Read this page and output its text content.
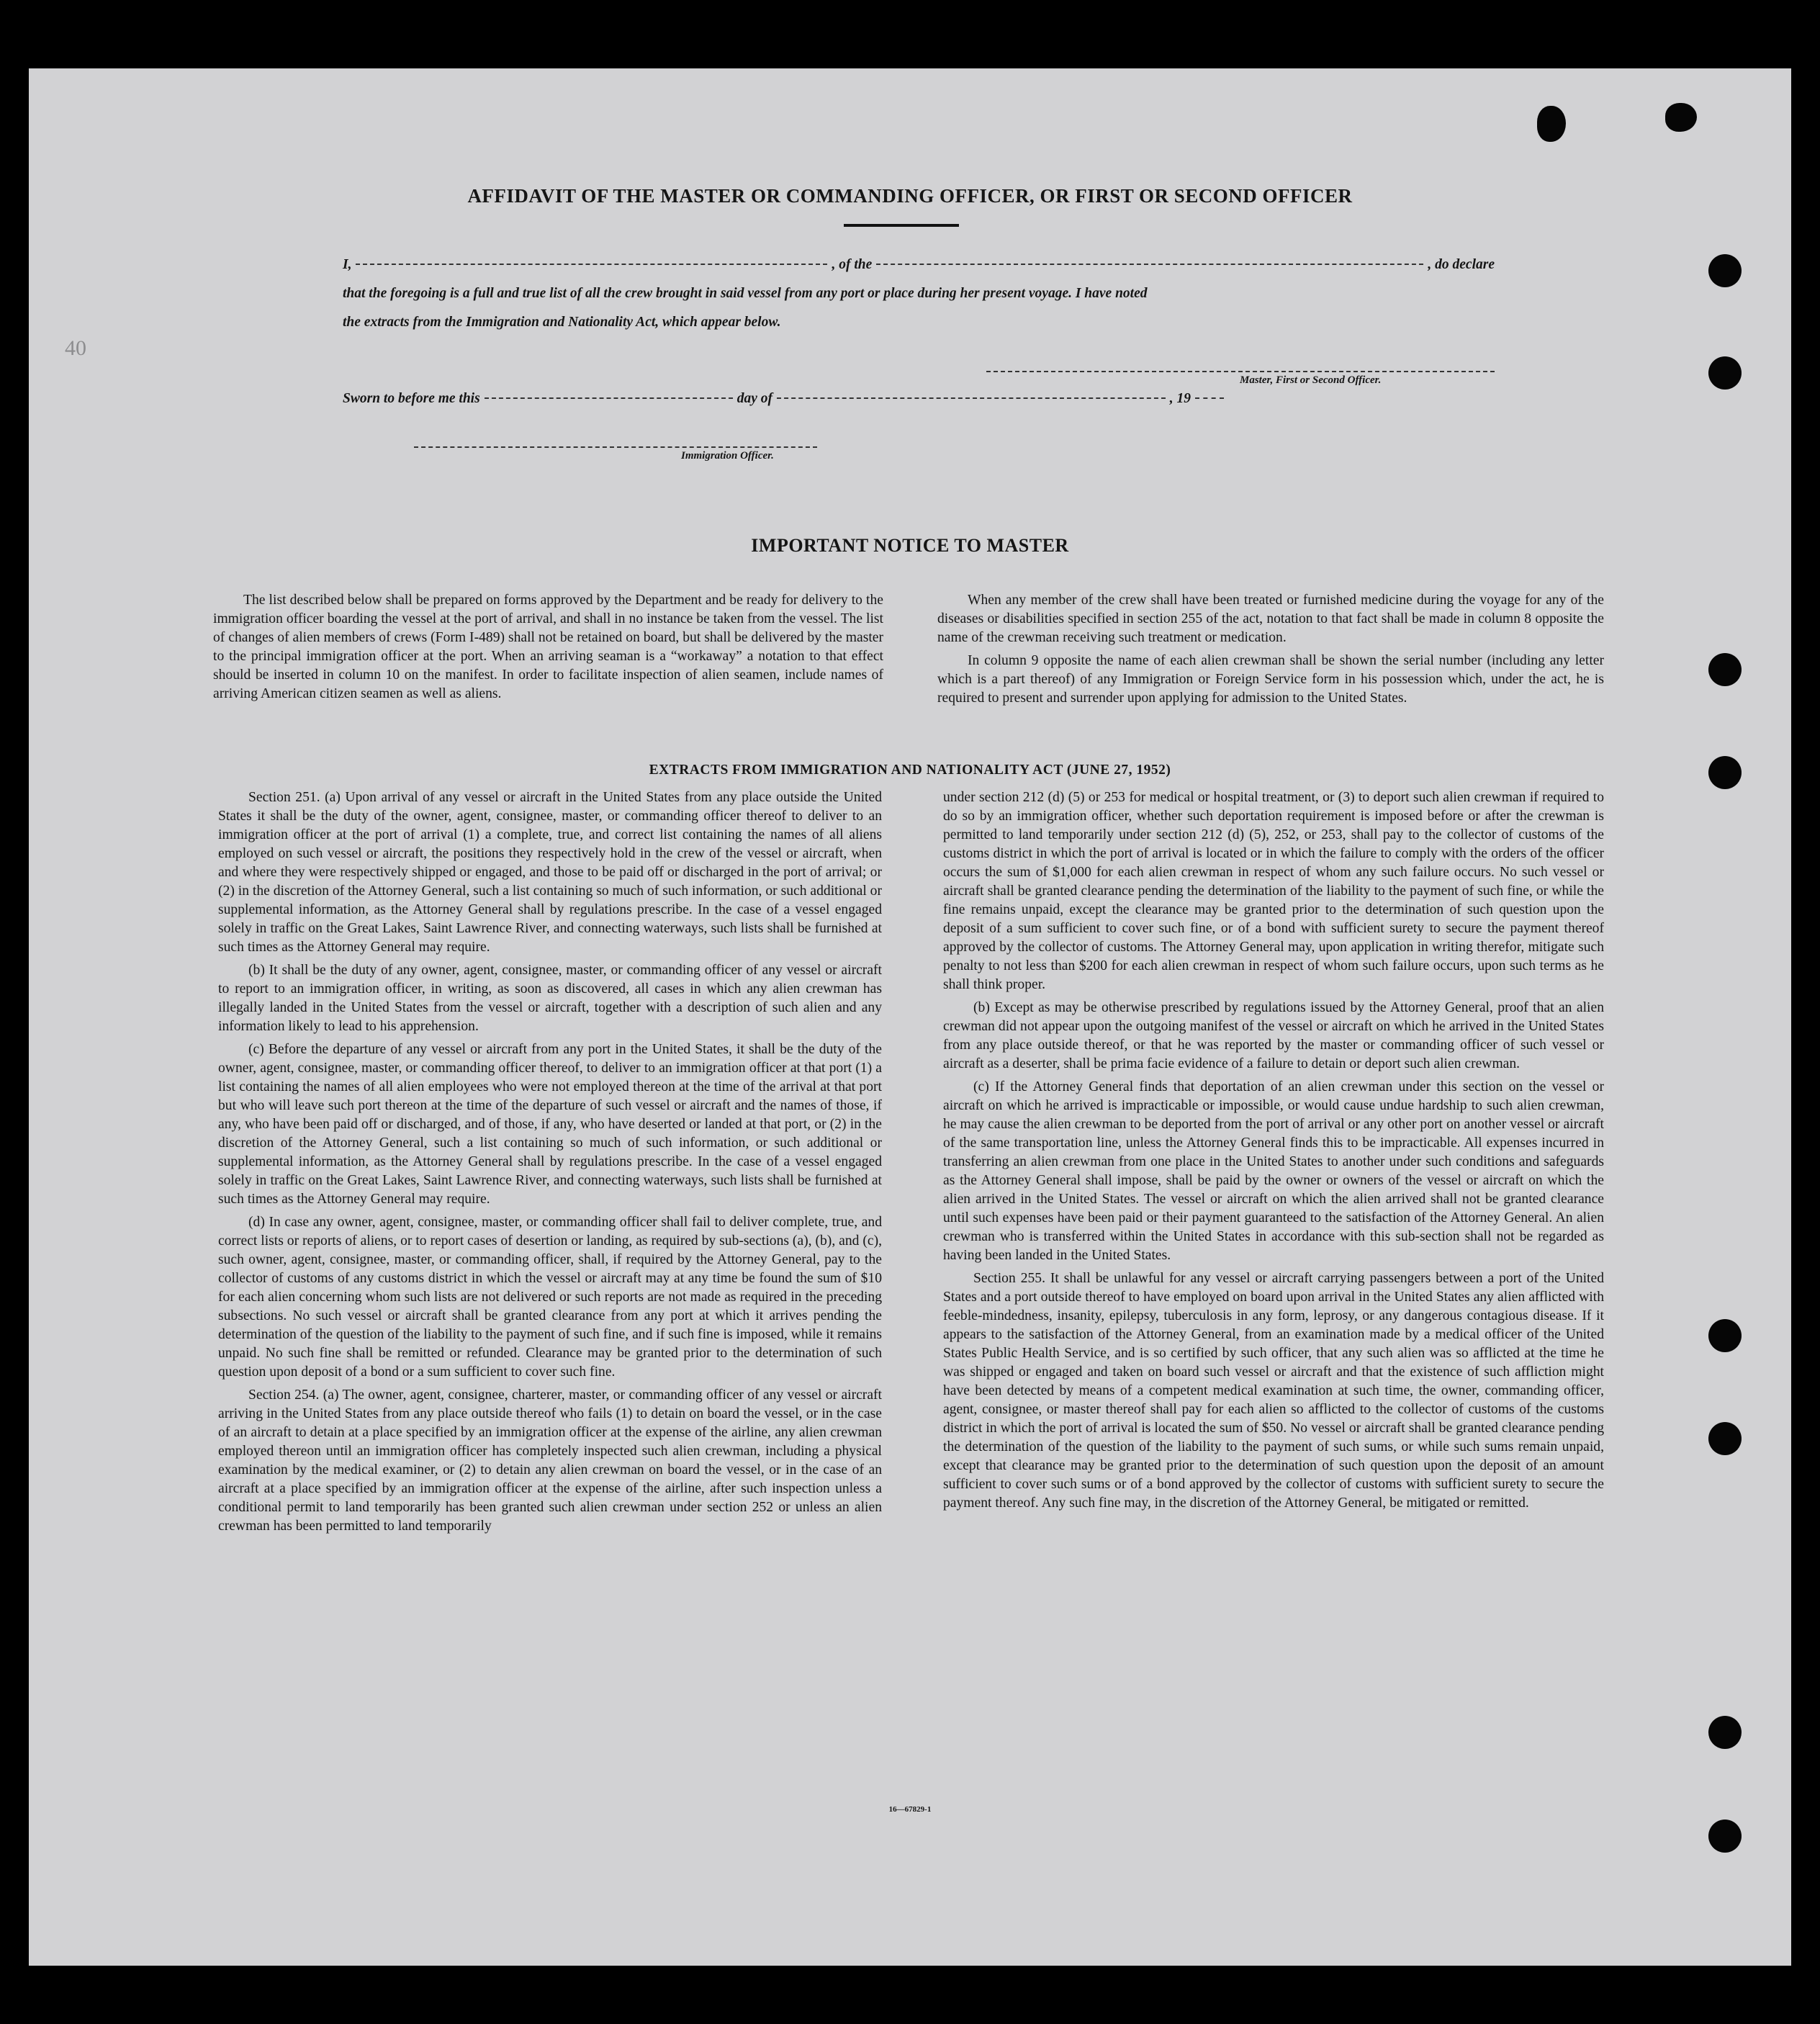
40
AFFIDAVIT OF THE MASTER OR COMMANDING OFFICER, OR FIRST OR SECOND OFFICER
I,	, of the	, do declare
that the foregoing is a full and true list of all the crew brought in said vessel from any port or place during her present voyage. I have noted
the extracts from the Immigration and Nationality Act, which appear below.
Master, First or Second Officer.
Sworn to before me this	day of	, 19
Immigration Officer.
IMPORTANT NOTICE TO MASTER

The list described below shall be prepared on forms approved by the Department and be ready for delivery to the immigration officer boarding the vessel at the port of arrival, and shall in no instance be taken from the vessel. The list of changes of alien members of crews (Form I-489) shall not be retained on board, but shall be delivered by the master to the principal immigration officer at the port. When an arriving seaman is a “workaway” a notation to that effect should be inserted in column 10 on the manifest. In order to facilitate inspection of alien seamen, include names of arriving American citizen seamen as well as aliens.

When any member of the crew shall have been treated or furnished medicine during the voyage for any of the diseases or disabilities specified in section 255 of the act, notation to that fact shall be made in column 8 opposite the name of the crewman receiving such treatment or medication.

In column 9 opposite the name of each alien crewman shall be shown the serial number (including any letter which is a part thereof) of any Immigration or Foreign Service form in his possession which, under the act, he is required to present and surrender upon applying for admission to the United States.

EXTRACTS FROM IMMIGRATION AND NATIONALITY ACT (JUNE 27, 1952)

Section 251. (a) Upon arrival of any vessel or aircraft in the United States from any place outside the United States it shall be the duty of the owner, agent, consignee, master, or commanding officer thereof to deliver to an immigration officer at the port of arrival (1) a complete, true, and correct list containing the names of all aliens employed on such vessel or aircraft, the positions they respectively hold in the crew of the vessel or aircraft, when and where they were respectively shipped or engaged, and those to be paid off or discharged in the port of arrival; or (2) in the discretion of the Attorney General, such a list containing so much of such information, or such additional or supplemental information, as the Attorney General shall by regulations prescribe. In the case of a vessel engaged solely in traffic on the Great Lakes, Saint Lawrence River, and connecting waterways, such lists shall be furnished at such times as the Attorney General may require.

(b) It shall be the duty of any owner, agent, consignee, master, or commanding officer of any vessel or aircraft to report to an immigration officer, in writing, as soon as discovered, all cases in which any alien crewman has illegally landed in the United States from the vessel or aircraft, together with a description of such alien and any information likely to lead to his apprehension.

(c) Before the departure of any vessel or aircraft from any port in the United States, it shall be the duty of the owner, agent, consignee, master, or commanding officer thereof, to deliver to an immigration officer at that port (1) a list containing the names of all alien employees who were not employed thereon at the time of the arrival at that port but who will leave such port thereon at the time of the departure of such vessel or aircraft and the names of those, if any, who have been paid off or discharged, and of those, if any, who have deserted or landed at that port, or (2) in the discretion of the Attorney General, such a list containing so much of such information, or such additional or supplemental information, as the Attorney General shall by regulations prescribe. In the case of a vessel engaged solely in traffic on the Great Lakes, Saint Lawrence River, and connecting waterways, such lists shall be furnished at such times as the Attorney General may require.

(d) In case any owner, agent, consignee, master, or commanding officer shall fail to deliver complete, true, and correct lists or reports of aliens, or to report cases of desertion or landing, as required by sub-sections (a), (b), and (c), such owner, agent, consignee, master, or commanding officer, shall, if required by the Attorney General, pay to the collector of customs of any customs district in which the vessel or aircraft may at any time be found the sum of $10 for each alien concerning whom such lists are not delivered or such reports are not made as required in the preceding subsections. No such vessel or aircraft shall be granted clearance from any port at which it arrives pending the determination of the question of the liability to the payment of such fine, and if such fine is imposed, while it remains unpaid. No such fine shall be remitted or refunded. Clearance may be granted prior to the determination of such question upon deposit of a bond or a sum sufficient to cover such fine.

Section 254. (a) The owner, agent, consignee, charterer, master, or commanding officer of any vessel or aircraft arriving in the United States from any place outside thereof who fails (1) to detain on board the vessel, or in the case of an aircraft to detain at a place specified by an immigration officer at the expense of the airline, any alien crewman employed thereon until an immigration officer has completely inspected such alien crewman, including a physical examination by the medical examiner, or (2) to detain any alien crewman on board the vessel, or in the case of an aircraft at a place specified by an immigration officer at the expense of the airline, after such inspection unless a conditional permit to land temporarily has been granted such alien crewman under section 252 or unless an alien crewman has been permitted to land temporarily

under section 212 (d) (5) or 253 for medical or hospital treatment, or (3) to deport such alien crewman if required to do so by an immigration officer, whether such deportation requirement is imposed before or after the crewman is permitted to land temporarily under section 212 (d) (5), 252, or 253, shall pay to the collector of customs of the customs district in which the port of arrival is located or in which the failure to comply with the orders of the officer occurs the sum of $1,000 for each alien crewman in respect of whom any such failure occurs. No such vessel or aircraft shall be granted clearance pending the determination of the liability to the payment of such fine, or while the fine remains unpaid, except the clearance may be granted prior to the determination of such question upon the deposit of a sum sufficient to cover such fine, or of a bond with sufficient surety to secure the payment thereof approved by the collector of customs. The Attorney General may, upon application in writing therefor, mitigate such penalty to not less than $200 for each alien crewman in respect of whom such failure occurs, upon such terms as he shall think proper.

(b) Except as may be otherwise prescribed by regulations issued by the Attorney General, proof that an alien crewman did not appear upon the outgoing manifest of the vessel or aircraft on which he arrived in the United States from any place outside thereof, or that he was reported by the master or commanding officer of such vessel or aircraft as a deserter, shall be prima facie evidence of a failure to detain or deport such alien crewman.

(c) If the Attorney General finds that deportation of an alien crewman under this section on the vessel or aircraft on which he arrived is impracticable or impossible, or would cause undue hardship to such alien crewman, he may cause the alien crewman to be deported from the port of arrival or any other port on another vessel or aircraft of the same transportation line, unless the Attorney General finds this to be impracticable. All expenses incurred in transferring an alien crewman from one place in the United States to another under such conditions and safeguards as the Attorney General shall impose, shall be paid by the owner or owners of the vessel or aircraft on which the alien arrived in the United States. The vessel or aircraft on which the alien arrived shall not be granted clearance until such expenses have been paid or their payment guaranteed to the satisfaction of the Attorney General. An alien crewman who is transferred within the United States in accordance with this sub-section shall not be regarded as having been landed in the United States.

Section 255. It shall be unlawful for any vessel or aircraft carrying passengers between a port of the United States and a port outside thereof to have employed on board upon arrival in the United States any alien afflicted with feeble-mindedness, insanity, epilepsy, tuberculosis in any form, leprosy, or any dangerous contagious disease. If it appears to the satisfaction of the Attorney General, from an examination made by a medical officer of the United States Public Health Service, and is so certified by such officer, that any such alien was so afflicted at the time he was shipped or engaged and taken on board such vessel or aircraft and that the existence of such affliction might have been detected by means of a competent medical examination at such time, the owner, commanding officer, agent, consignee, or master thereof shall pay for each alien so afflicted to the collector of customs of the customs district in which the port of arrival is located the sum of $50. No vessel or aircraft shall be granted clearance pending the determination of the question of the liability to the payment of such sums, or while such sums remain unpaid, except that clearance may be granted prior to the determination of such question upon the deposit of an amount sufficient to cover such sums or of a bond approved by the collector of customs with sufficient surety to secure the payment thereof. Any such fine may, in the discretion of the Attorney General, be mitigated or remitted.

16—67829-1
